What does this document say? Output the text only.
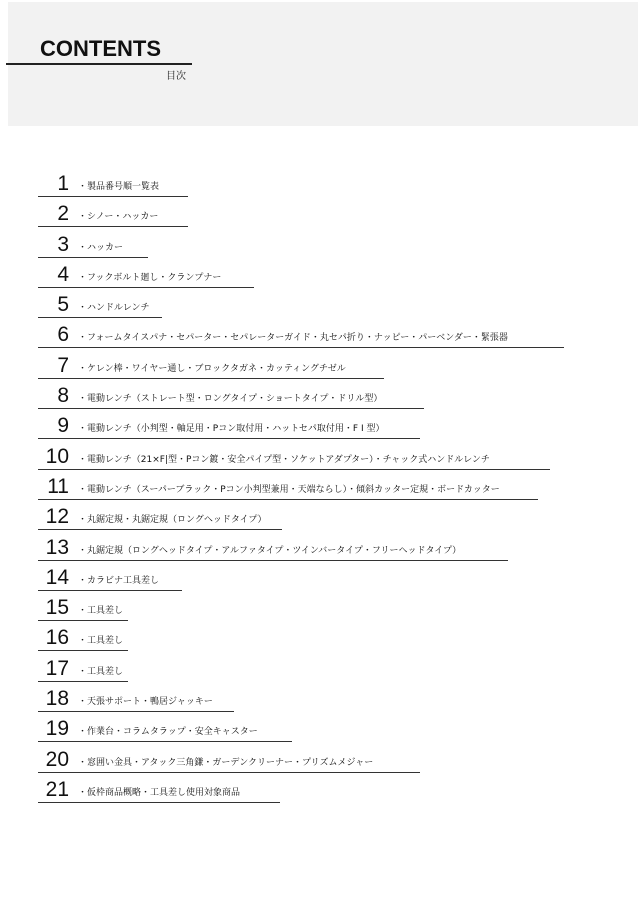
CONTENTS
目次
1 ・製品番号順一覧表
2 ・シノー・ハッカー
3 ・ハッカー
4 ・フックボルト廻し・クランプナー
5 ・ハンドルレンチ
6 ・フォームタイスパナ・セパーター・セパレーターガイド・丸セパ折り・ナッピー・パーベンダー・緊張器
7 ・ケレン棒・ワイヤー通し・ブロックタガネ・カッティングチゼル
8 ・電動レンチ（ストレート型・ロングタイプ・ショートタイプ・ドリル型）
9 ・電動レンチ（小判型・軸足用・Pコン取付用・ハットセパ取付用・F I 型）
10 ・電動レンチ（21×F|型・Pコン鍍・安全パイプ型・ソケットアダプター）・チャック式ハンドルレンチ
11 ・電動レンチ（スーパーブラック・Pコン小判型兼用・天端ならし）・傾斜カッター定規・ボードカッター
12 ・丸鋸定規・丸鋸定規（ロングヘッドタイプ）
13 ・丸鋸定規（ロングヘッドタイプ・アルファタイプ・ツインバータイプ・フリーヘッドタイプ）
14 ・カラビナ工具差し
15 ・工具差し
16 ・工具差し
17 ・工具差し
18 ・天張サポート・鴨居ジャッキー
19 ・作業台・コラムタラップ・安全キャスター
20 ・窓囲い金具・アタック三角鎌・ガーデンクリーナー・プリズムメジャー
21 ・仮枠商品概略・工具差し使用対象商品
